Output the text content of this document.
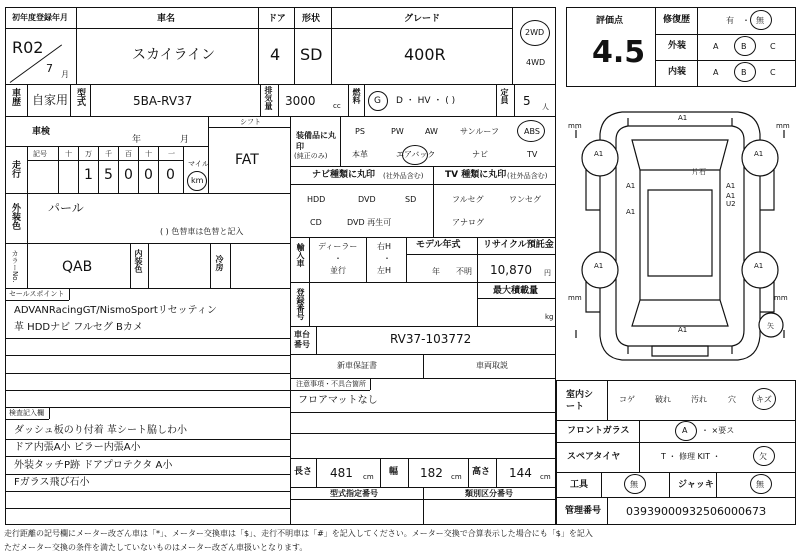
初年度登録年月
R02
7 月
車名
スカイライン
ドア
4
形状
SD
グレード
400R
2WD
4WD
車歴 自家用 型式	5BA-RV37	排気量 3000 cc
燃料 G D ・ HV ・ ( )	定員 5 人
車検
年	月
シフト
FAT
走行
記号	十 万 千 百 十 一
1 5 0 0 0
マイル
km
外装色 パール
( ) 色替車は色替と記入
カラーNo.	QAB	内装色	冷房
セールスポイント
ADVANRacingGT/NismoSportリセッティン
革 HDDナビ フルセグ Bカメ
検査記入欄
ダッシュ板のり付着 革シート脇しわ小
ドア内張A小 ピラー内張A小
外装タッチP跡 ドアプロテクタ A小
Fガラス飛び石小
装備品に丸印
(純正のみ)
PS	PW	AW	サンルーフ	ABS
本革	エアバック	ナビ	TV
ナビ種類に丸印 (社外品含む)
HDD	DVD	SD
CD	DVD 再生可
TV 種類に丸印 (社外品含む)
フルセグ	ワンセグ
アナログ
輸入車 ディーラー
・
並行
右H
・
左H
モデル年式
年 不明
リサイクル預託金
10,870 円
登録番号	最大積載量
kg
車台番号	RV37-103772
新車保証書	車両取説
注意事項・不具合箇所
フロアマットなし
長さ 481 cm 幅 182 cm 高さ 144 cm
型式指定番号	類別区分番号
評価点
4.5
修復歴	有 ・ 無
外装	A	B	C
内装	A	B	C
A1
A1	A1
A1	A1
A1
A1
A1	A1
A1
U2
片石
矢
mm	mm
mm	mm
室内シート
コゲ	破れ	汚れ	穴	キズ
フロントガラス	A ・ ×要ス
スペアタイヤ	T ・ 修理 KIT ・	欠
工具	無	ジャッキ	無
管理番号 0393900093250600067З
走行距離の記号欄にメーター改ざん車は「*」、メーター交換車は「$」、走行不明車は「#」を記入してください。メーター交換で合算表示した場合にも「$」を記入
ただメーター交換の条件を満たしていないものはメーター改ざん車扱いとなります。
